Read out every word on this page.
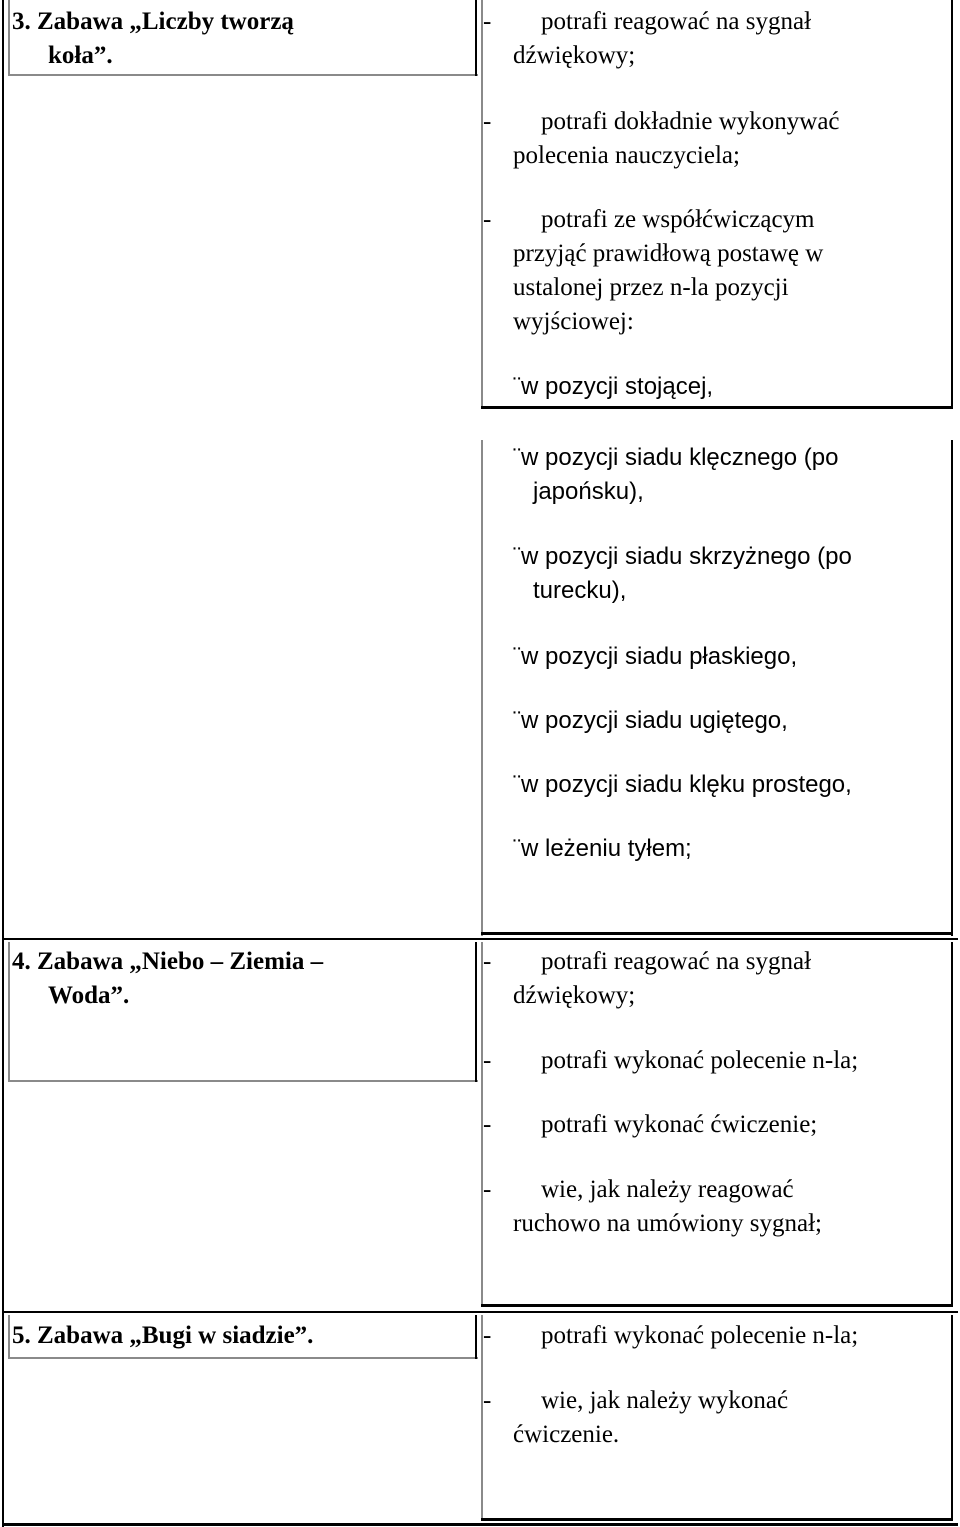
3. Zabawa „Liczby tworzą
koła”.
- potrafi reagować na sygnał
dźwiękowy;
- potrafi dokładnie wykonywać
polecenia nauczyciela;
- potrafi ze współćwiczącym
przyjąć prawidłową postawę w
ustalonej przez n-la pozycji
wyjściowej:
¨w pozycji stojącej,
¨w pozycji siadu klęcznego (po
japońsku),
¨w pozycji siadu skrzyżnego (po
turecku),
¨w pozycji siadu płaskiego,
¨w pozycji siadu ugiętego,
¨w pozycji siadu klęku prostego,
¨w leżeniu tyłem;
4. Zabawa „Niebo – Ziemia –
Woda”.
- potrafi reagować na sygnał
dźwiękowy;
- potrafi wykonać polecenie n-la;
- potrafi wykonać ćwiczenie;
- wie, jak należy reagować
ruchowo na umówiony sygnał;
5. Zabawa „Bugi w siadzie”.	- potrafi wykonać polecenie n-la;
- wie, jak należy wykonać
ćwiczenie.
